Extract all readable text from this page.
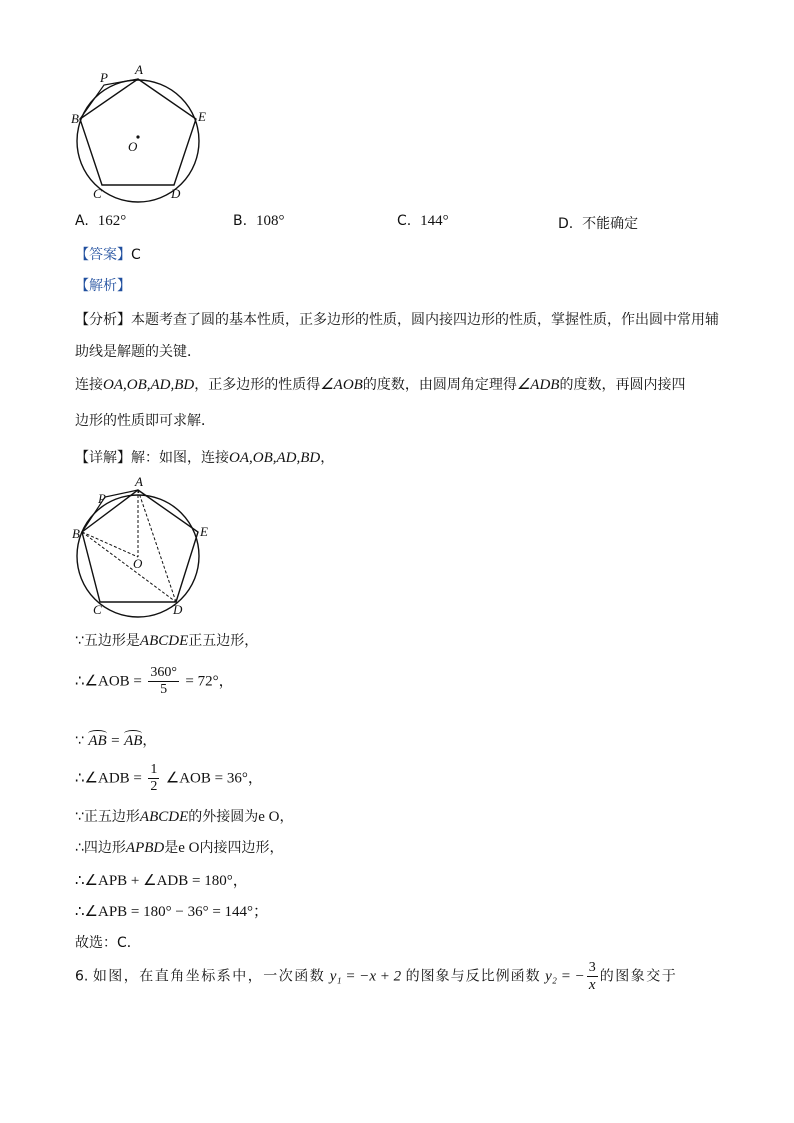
A
P
B	E
O
C	D
A. 162°	B. 108°	C. 144°	D. 不能确定
【答案】C
【解析】
【分析】本题考查了圆的基本性质，正多边形的性质，圆内接四边形的性质，掌握性质，作出圆中常用辅
助线是解题的关键．
连接OA,OB,AD,BD，正多边形的性质得∠AOB的度数，由圆周角定理得∠ADB的度数，再圆内接四
边形的性质即可求解．
【详解】解：如图，连接OA,OB,AD,BD，
A
P
B	E
O
C	D
∵五边形是ABCDE正五边形，
∴∠AOB = $\frac{360^\circ}{5} = 72^\circ$，
∵ AB = AB，
∴∠ADB = $\frac{1}{2}$ ∠AOB = 36°，
∵正五边形ABCDE的外接圆为e O，
∴四边形APBD是e O内接四边形，
∴∠APB + ∠ADB = 180°，
∴∠APB = 180° − 36° = 144°；
故选：C．
6. 如图，在直角坐标系中，一次函数 y₁ = −x + 2 的图象与反比例函数 y₂ = − $\frac{3}{x}$ 的图象交于
